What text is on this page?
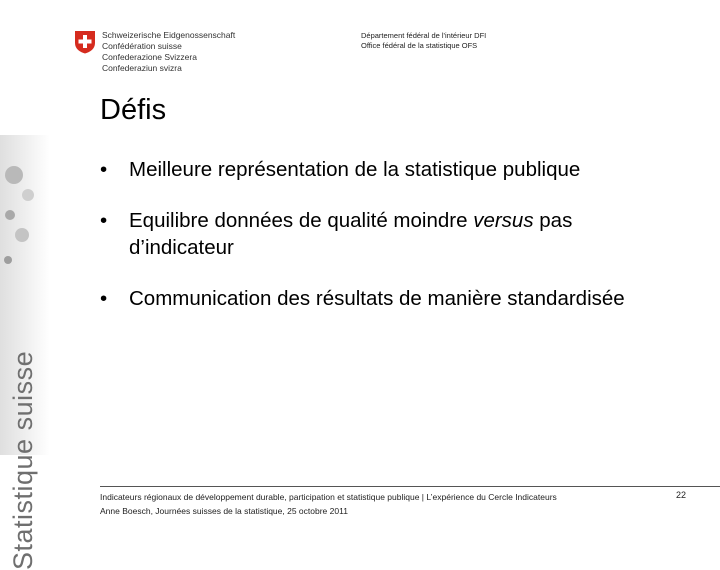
Schweizerische Eidgenossenschaft
Confédération suisse
Confederazione Svizzera
Confederaziun svizra
Département fédéral de l'intérieur DFI
Office fédéral de la statistique OFS
Statistique suisse
Défis
• Meilleure représentation de la statistique publique
• Equilibre données de qualité moindre versus pas d’indicateur
• Communication des résultats de manière standardisée
Indicateurs régionaux de développement durable, participation et statistique publique | L’expérience du Cercle Indicateurs
Anne Boesch, Journées suisses de la statistique, 25 octobre 2011
22
